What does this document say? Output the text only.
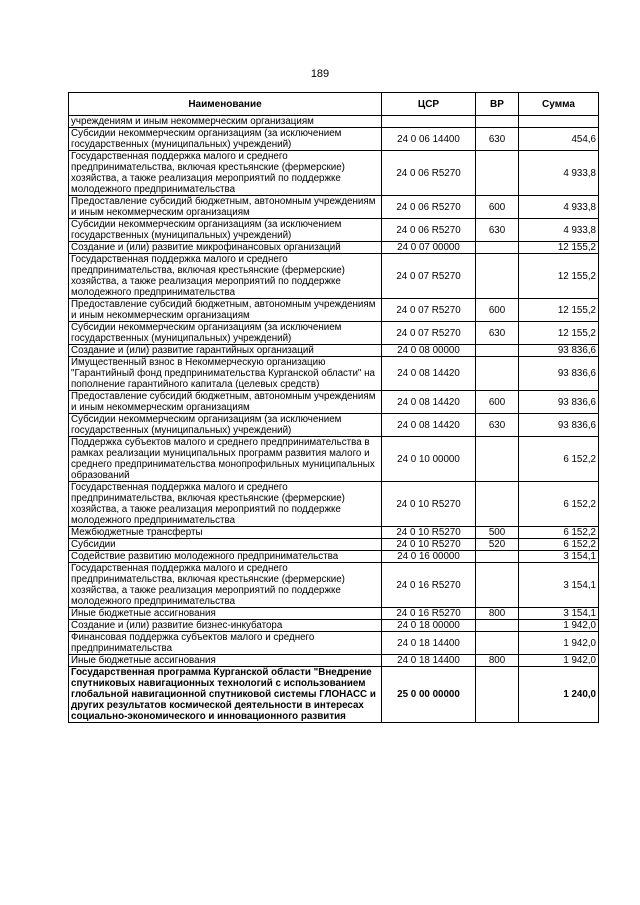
189
Наименование	ЦСР	ВР	Сумма
учреждениям и иным некоммерческим организациям			
Субсидии некоммерческим организациям (за исключением государственных (муниципальных) учреждений)	24 0 06 14400	630	454,6
Государственная поддержка малого и среднего предпринимательства, включая крестьянские (фермерские) хозяйства, а также реализация мероприятий по поддержке молодежного предпринимательства	24 0 06 R5270		4 933,8
Предоставление субсидий бюджетным, автономным учреждениям и иным некоммерческим организациям	24 0 06 R5270	600	4 933,8
Субсидии некоммерческим организациям (за исключением государственных (муниципальных) учреждений)	24 0 06 R5270	630	4 933,8
Создание и (или) развитие микрофинансовых организаций	24 0 07 00000		12 155,2
Государственная поддержка малого и среднего предпринимательства, включая крестьянские (фермерские) хозяйства, а также реализация мероприятий по поддержке молодежного предпринимательства	24 0 07 R5270		12 155,2
Предоставление субсидий бюджетным, автономным учреждениям и иным некоммерческим организациям	24 0 07 R5270	600	12 155,2
Субсидии некоммерческим организациям (за исключением государственных (муниципальных) учреждений)	24 0 07 R5270	630	12 155,2
Создание и (или) развитие гарантийных организаций	24 0 08 00000		93 836,6
Имущественный взнос в Некоммерческую организацию "Гарантийный фонд предпринимательства Курганской области" на пополнение гарантийного капитала (целевых средств)	24 0 08 14420		93 836,6
Предоставление субсидий бюджетным, автономным учреждениям и иным некоммерческим организациям	24 0 08 14420	600	93 836,6
Субсидии некоммерческим организациям (за исключением государственных (муниципальных) учреждений)	24 0 08 14420	630	93 836,6
Поддержка субъектов малого и среднего предпринимательства в рамках реализации муниципальных программ развития малого и среднего предпринимательства монопрофильных муниципальных образований	24 0 10 00000		6 152,2
Государственная поддержка малого и среднего предпринимательства, включая крестьянские (фермерские) хозяйства, а также реализация мероприятий по поддержке молодежного предпринимательства	24 0 10 R5270		6 152,2
Межбюджетные трансферты	24 0 10 R5270	500	6 152,2
Субсидии	24 0 10 R5270	520	6 152,2
Содействие развитию молодежного предпринимательства	24 0 16 00000		3 154,1
Государственная поддержка малого и среднего предпринимательства, включая крестьянские (фермерские) хозяйства, а также реализация мероприятий по поддержке молодежного предпринимательства	24 0 16 R5270		3 154,1
Иные бюджетные ассигнования	24 0 16 R5270	800	3 154,1
Создание и (или) развитие бизнес-инкубатора	24 0 18 00000		1 942,0
Финансовая поддержка субъектов малого и среднего предпринимательства	24 0 18 14400		1 942,0
Иные бюджетные ассигнования	24 0 18 14400	800	1 942,0
Государственная программа Курганской области "Внедрение спутниковых навигационных технологий с использованием глобальной навигационной спутниковой системы ГЛОНАСС и других результатов космической деятельности в интересах социально-экономического и инновационного развития	25 0 00 00000		1 240,0
